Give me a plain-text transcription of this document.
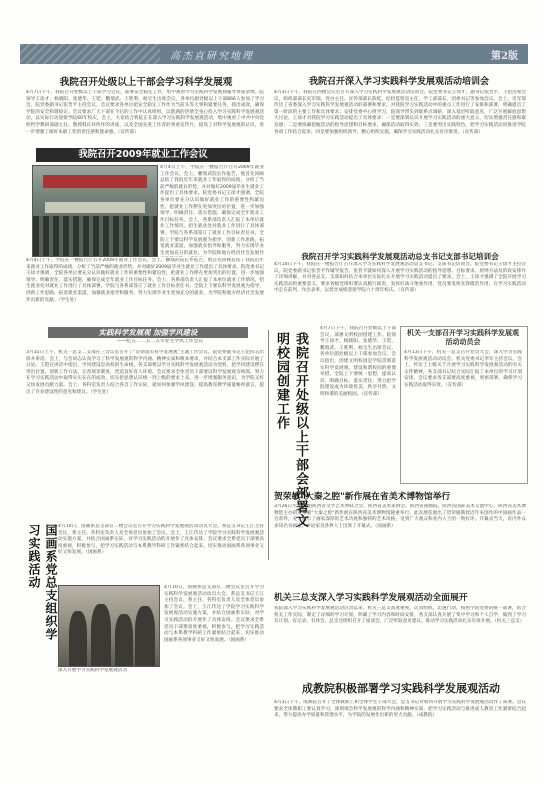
高杰直研究地理	第2版
我院召开处级以上干部会学习科学发展观
4月7日下午，我院召开处级以上干部学习会议，部署安全稳定工作，集中观看学习实践科学发展观辅导讲座录像。院领导王徐才、杨晓阳、张德华、王铠、鹏瑞武、王胜利、杨宝生出席会议，各单位副处级以上干部866人参加了学习会。院党委副书记张晋平主持会议。会议要求各单位把安全稳定工作作为当前头等大事和紧要任务，抓出成效，确保学院的安全和谐稳定。会议要求广大干部在今后的工作中认真组织，以饱满的热情全身心投入学习实践科学发展观活动，以实际行动迎接学院60年校庆。会上，大家结合我院正在深入学习实践科学发展观活动，集中观看了中共中央党校哲学教研部副主任、教授韩庆祥所作的讲座，以及全国先进工作者的事迹宣传片，提高了对科学发展观的认识，进一步增强了做好本职工作的责任感和使命感。（宣传部）
我院召开2009年就业工作会议
4月4日上午，学院在一楼报告厅召开2009年就业工作会议。会上，鹏瑞武院长作报告，他首先回顾总结了我院近年来就业工作取得的成绩，分析了当前严峻的就业形势，并对做好2009届毕业生就业工作提出了具体要求。院党委书记王徐才强调，全院各单位要充分认识做好就业工作的重要性和紧迫性，把就业工作摆在更加突出的位置，进一步加强领导、明确责任、落实措施，确保完成全年就业工作目标任务。会上，各系部负责人汇报了本单位就业工作情况，招生就业处对就业工作进行了具体部署，学院与各系部签订了就业工作目标责任书。全院上下要以科学发展观为指导，创新工作思路，拓宽就业渠道，加强就业指导和服务，努力实现毕业生更加充分的就业，为学院和地方经济社会发展作
4月4日上午，学院在一楼报告厅召开2009年就业工作会议。会上，鹏瑞武院长作报告，他首先回顾总结了我院近年来就业工作取得的成绩，分析了当前严峻的就业形势，并对做好2009届毕业生就业工作提出了具体要求。院党委书记王徐才强调，全院各单位要充分认识做好就业工作的重要性和紧迫性，把就业工作摆在更加突出的位置，进一步加强领导、明确责任、落实措施，确保完成全年就业工作目标任务。会上，各系部负责人汇报了本单位就业工作情况，招生就业处对就业工作进行了具体部署，学院与各系部签订了就业工作目标责任书。全院上下要以科学发展观为指导，创新工作思路，拓宽就业渠道，加强就业指导和服务，努力实现毕业生更加充分的就业，为学院和地方经济社会发展作出新的贡献。（学生处）
实践科学发展观 加强学风建设
——纪五二二五二五毕业生学风工作会议
3月31日上午，机关一总支二支部在三会议室召开了"贯彻落实科学发展观"主题工作会议。院党委副书记王铠同志出席并讲话。会上，与会同志认真学习了科学发展观的科学内涵、精神实质和根本要求，并结合本支部工作实际开展了讨论。王铠在讲话中指出，学风建设是高校的生命线，各支部要以学习实践科学发展观活动为契机，把学风建设摆在突出位置，创新工作方法，完善规章制度，营造良好育人环境。会议要求全体党员干部要以科学发展观为统领，努力在学习实践活动中取得实实在在的成效，切实把思想认识统一到上级的要求上来，进一步增强服务意识，为学院又好又快发展贡献力量。会上，各科室负责人结合各自工作实际，就如何加强学风建设、提高教育教学质量畅所欲言，提出了许多建设性的意见和建议。（学生处）
国画系党总支组织学习实践活动	4月10日，国画系总支部在二楼会议室召开学习实践科学发展观活动动员大会。系总支书记王江主持会议，系主任、各科室负责人及全体党员参加了会议。会上，王江传达了学院学习实践科学发展观活动实施方案，并结合国画系实际，对学习实践活动的开展作了具体安排。会议要求全系党员干部要高度重视，积极参与，把学习实践活动与本系教学科研工作紧密结合起来，切实推动国画系各项事业又好又快发展。（国画系）
4月10日，国画系总支部在二楼会议室召开学习实践科学发展观活动动员大会。系总支书记王江主持会议，系主任、各科室负责人及全体党员参加了会议。会上，王江传达了学院学习实践科学发展观活动实施方案，并结合国画系实际，对学习实践活动的开展作了具体安排。会议要求全系党员干部要高度重视，积极参与，把学习实践活动与本系教学科研工作紧密结合起来，切实推动国画系各项事业又好又快发展。（国画系）
深入开展学习实践科学发展观活动
我院召开处级以上干部会部署文明校园创建工作
4月7日下午，我院召开处级以上干部会议，部署文明校园创建工作。院领导王徐才、杨晓阳、张德华、王铠、鹏瑞武、王胜利、杨宝生出席会议，各单位副处级以上干部参加会议。会议指出，创建文明校园是学院贯彻落实科学发展观、建设和谐校园的重要举措，全院上下要统一思想，提高认识，明确目标，落实责任，努力把学院建设成为环境优美、秩序井然、文明和谐的美丽校园。（宣传部）
我院召开深入学习实践科学发展观活动培训会
4月3日下午，我院在西楼会议室召开深入学习实践科学发展观活动培训会。院党委书记王徐才，副书记张晋平，王铠出席会议，组织部部长史军瑞、党办主任、宣传部部长陈屹、纪检监察室主任、学工部部长、团委书记等参加会议。会上，史军瑞传达了省委深入学习实践科学发展观活动的部署和要求，对我院学习实践活动中的重点工作进行了安排和部署，明确提出了第一阶段的主要工作和具体要求；安排党委中心组学习，院领导带头到联系点调研，深入基层听取意见，广泛开展解放思想大讨论。王徐才对我院学习实践活动提出了具体要求：一是要深刻认识开展学习实践活动的重大意义，切实增强责任感和紧迫感；二是要准确把握活动的指导思想和目标要求，确保活动取得实效；三是要突出实践特色，把学习实践活动同推进学院各项工作结合起来；四是要加强组织领导，精心组织实施，确保学习实践活动扎实有序推进。（宣传部）
我院召开学习实践科学发展观活动总支书记支部书记培训会
4月10日下午，我院在一楼报告厅召开深入学习实践科学发展观活动总支书记、支部书记培训会。院党委书记王徐才主持会议，院党委副书记张晋平作辅导报告。张晋平就如何深入开展学习实践活动的指导思想、目标要求、原则方法及阶段安排作了详细讲解，并对各总支、支部如何结合本单位实际扎实开展学习实践活动提出了要求。会上，王徐才强调了全院开展学习实践活动的重要意义，要求各级党组织要认真履行职责，发挥好战斗堡垒作用，党员要发挥先锋模范作用，在学习实践活动中走在前列、作出表率，以优异成绩迎接学院六十周年校庆。（宣传部）
机关一支部召开学习实践科学发展观活动动员会
4月13日下午，机关一总支召开党员大会，深入学习实践科学发展观活动动员会。机关党委书记李军主持会议。会上，传达了上级关于开展学习实践科学发展观活动的有关文件精神，各支部书记结合实际汇报了本单位的学习计划安排。会议要求各支部要高度重视，周密部署，确保学习实践活动取得实效。（宣传部）
贺荣敏"大秦之腔"新作展在省美术博物馆举行
3月26日至31日由陕西省文学艺术界联合会、陕西省美术家协会、陕西省国画院、陕西省国际美术交流中心、陕西省美术博物馆主办的贺荣敏"大秦之腔"新作展在陕西省美术博物馆隆重举行。此次展览展出了贺荣敏教授近年来创作的中国画作品一百余件，充分展示了画家深厚的艺术功底和独特的艺术风格，受到广大观众和业内人士的一致好评。开幕式当天，省内外众多知名书画家、评论家及各界人士出席了开幕式。（国画系）
机关三总支深入学习实践科学发展观活动全面展开
我院深入学习实践科学发展观活动启动以来，机关三总支高度重视，认真组织，迅速行动，按照学院党委的统一部署，结合机关工作实际，制定了详细的学习计划，明确了学习内容和时间安排，各支部认真开展了集中学习和个人自学，做到了学习有计划、有记录、有体会。总支还组织召开了座谈会，广泛听取意见建议，推动学习实践活动扎实有效开展。（机关三总支）
成教院积极部署学习实践科学发展观活动
4月3日下午，成教院召开了全体教职工和全体学生干部大会，总支书记对如何开展学习实践科学发展观活动作了部署。会议要求全体教职工要认真学习，深刻领会科学发展观的科学内涵和精神实质，把学习实践活动与推进成人教育工作紧密结合起来，努力提高办学质量和管理水平，为学院的发展作出新的更大贡献。（成教院）
